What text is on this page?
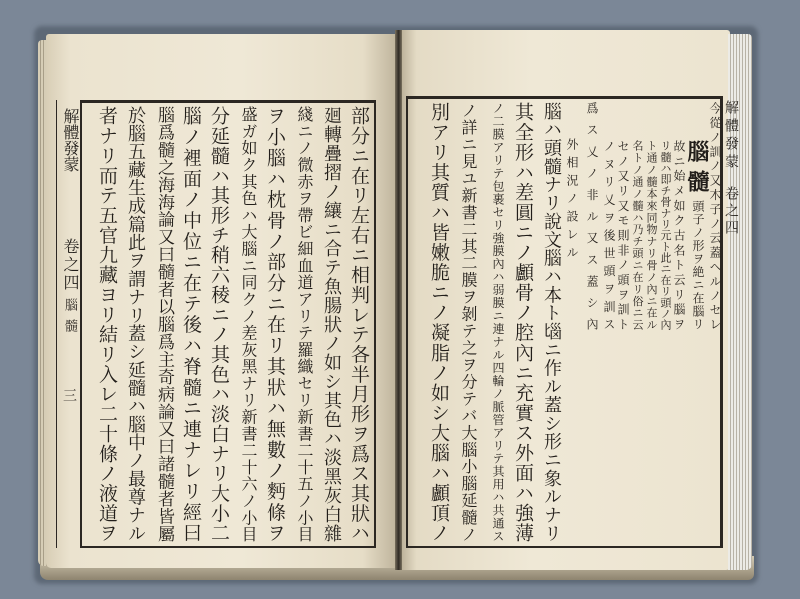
解體發蒙
卷之四
腦髓
三	部分ニ在リ左右ニ相判レテ各半月形ヲ爲ス其狀ハ
廻轉疊摺ノ纕ニ合テ魚腸狀ノ如シ其色ハ淡黑灰白雜
綫ニノ微赤ヲ帶ビ細血道アリテ羅織セリ新書二十五ノ小目
ヲ小腦ハ枕骨ノ部分ニ在リ其狀ハ無數ノ麪條ヲ
盛ガ如ク其色ハ大腦ニ同クノ差灰黑ナリ新書二十六ノ小目
分延髓ハ其形チ稍六稜ニノ其色ハ淡白ナリ大小二
腦ノ裡面ノ中位ニ在テ後ハ脊髓ニ連ナレリ經曰
腦爲髓之海海論又曰髓者以腦爲主奇病論又曰諸髓者皆屬
於腦五藏生成篇此ヲ謂ナリ蓋シ延髓ハ腦中ノ最尊ナル
者ナリ而テ五官九藏ヨリ結リ入レ二十條ノ液道ヲ	解體發蒙
卷之四
腦髓
今從ノ訓ノ又木子ノ云蓋ヘルノセレ
頭子ノ形ヲ絶ニ在腦リ
故ニ始メ如ク古名ト云リ腦ヲ
リ髓ハ即チ骨ナリ元ト此ニ在リ頭ノ內
ト通ノ髓本來同物ナリ骨ノ內ニ在ル
名トノ通ノ髓ハ乃チ頭ニ在リ俗ニ云
セノ又リ又モ則非ノ頭ヲ訓ト
ノヌリ乂ヲ後世頭ヲ訓ス
爲ス乂ノ非ル又ス蓋シ內
外相況ノ設レル
腦ハ頭髓ナリ說文腦ハ本ト匘ニ作ル蓋シ形ニ象ルナリ
其全形ハ差圓ニノ顱骨ノ腔內ニ充實ス外面ハ強薄
ノ二膜アリテ包裹セリ強膜內ハ弱膜ニ連ナル四輪ノ脈管アリテ其用ハ共通ス
ノ詳ニ見ユ新書二其二膜ヲ剝テ之ヲ分テバ大腦小腦延髓ノ
別アリ其質ハ皆嫩脆ニノ凝脂ノ如シ大腦ハ顱頂ノ
